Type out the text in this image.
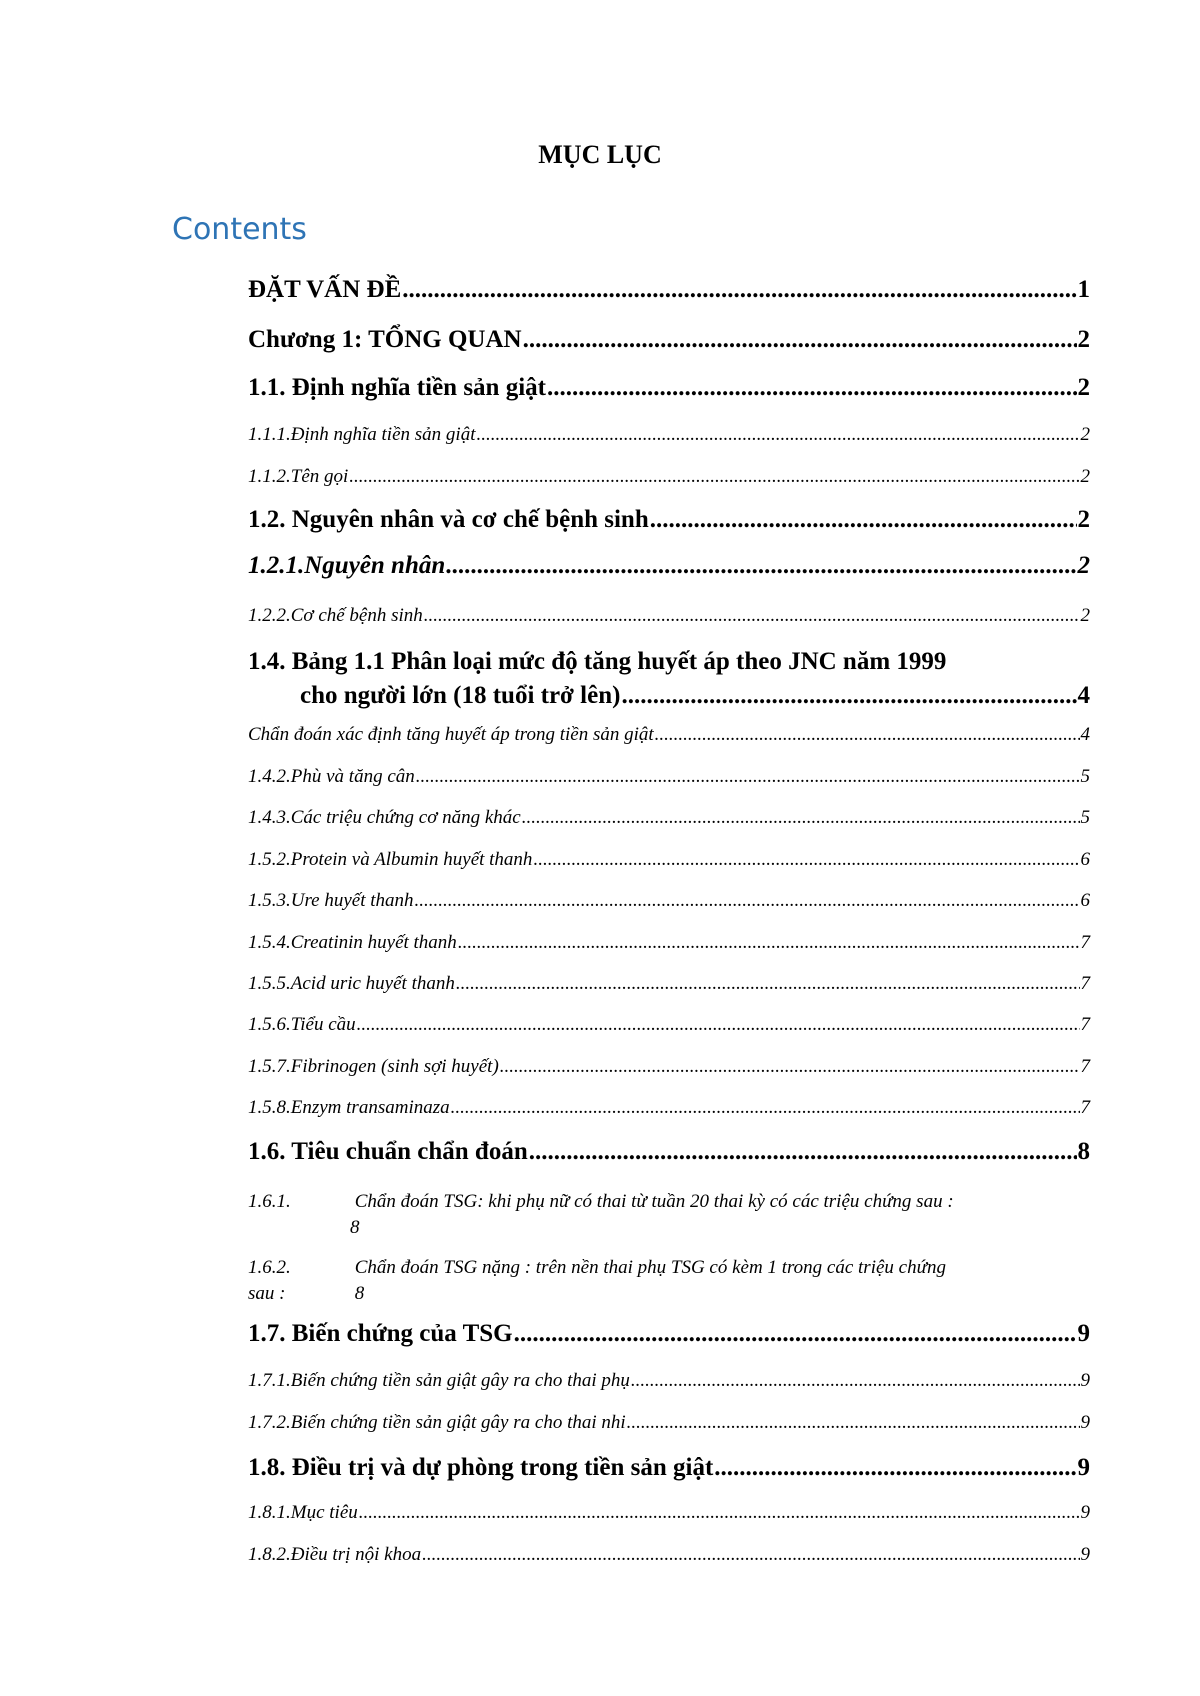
MỤC LỤC
Contents
ĐẶT VẤN ĐỀ .....	1
Chương 1: TỔNG QUAN .....	2
1.1. Định nghĩa tiền sản giật .....	2
1.1.1. Định nghĩa tiền sản giật .....	2
1.1.2. Tên gọi .....	2
1.2. Nguyên nhân và cơ chế bệnh sinh .....	2
1.2.1. Nguyên nhân .....	2
1.2.2. Cơ chế bệnh sinh .....	2
1.4. Bảng 1.1 Phân loại mức độ tăng huyết áp theo JNC năm 1999
cho người lớn (18 tuổi trở lên) .....	4
Chẩn đoán xác định tăng huyết áp trong tiền sản giật .....	4
1.4.2. Phù và tăng cân .....	5
1.4.3. Các triệu chứng cơ năng khác .....	5
1.5.2. Protein và Albumin huyết thanh .....	6
1.5.3. Ure huyết thanh .....	6
1.5.4. Creatinin huyết thanh .....	7
1.5.5. Acid uric huyết thanh .....	7
1.5.6. Tiểu cầu .....	7
1.5.7. Fibrinogen (sinh sợi huyết) .....	7
1.5.8. Enzym transaminaza .....	7
1.6. Tiêu chuẩn chẩn đoán .....	8
1.6.1.	Chẩn đoán TSG: khi phụ nữ có thai từ tuần 20 thai kỳ có các triệu chứng sau :
8
1.6.2.	Chẩn đoán TSG nặng : trên nền thai phụ TSG có kèm 1 trong các triệu chứng
sau :	8
1.7. Biến chứng của TSG .....	9
1.7.1. Biến chứng tiền sản giật gây ra cho thai phụ .....	9
1.7.2. Biến chứng tiền sản giật gây ra cho thai nhi .....	9
1.8. Điều trị và dự phòng trong tiền sản giật .....	9
1.8.1. Mục tiêu .....	9
1.8.2. Điều trị nội khoa .....	9
